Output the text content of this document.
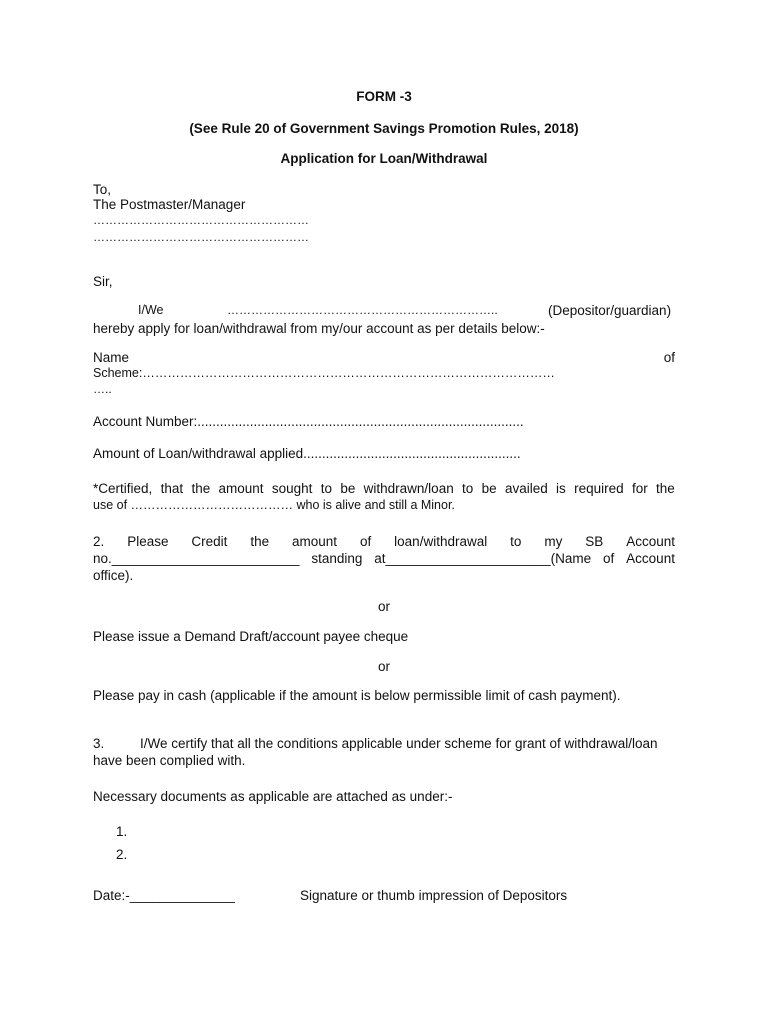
FORM -3
(See Rule 20 of Government Savings Promotion Rules, 2018)
Application for Loan/Withdrawal
To,
The Postmaster/Manager
………………………………………………
………………………………………………
Sir,
I/We	…………………………………………………………..	(Depositor/guardian)
hereby apply for loan/withdrawal from my/our account as per details below:-
Name	of
Scheme:………………………………………………………………………………………
…..
Account Number:.......................................................................................
Amount of Loan/withdrawal applied..........................................................
*Certified, that the amount sought to be withdrawn/loan to be availed is required for the
use of ………………………………… who is alive and still a Minor.
2. Please Credit the amount of loan/withdrawal to my SB Account
no._________________________ standing at______________________(Name of Account
office).
or
Please issue a Demand Draft/account payee cheque
or
Please pay in cash (applicable if the amount is below permissible limit of cash payment).
3.	I/We certify that all the conditions applicable under scheme for grant of withdrawal/loan
have been complied with.
Necessary documents as applicable are attached as under:-
1.
2.
Date:-______________	Signature or thumb impression of Depositors
